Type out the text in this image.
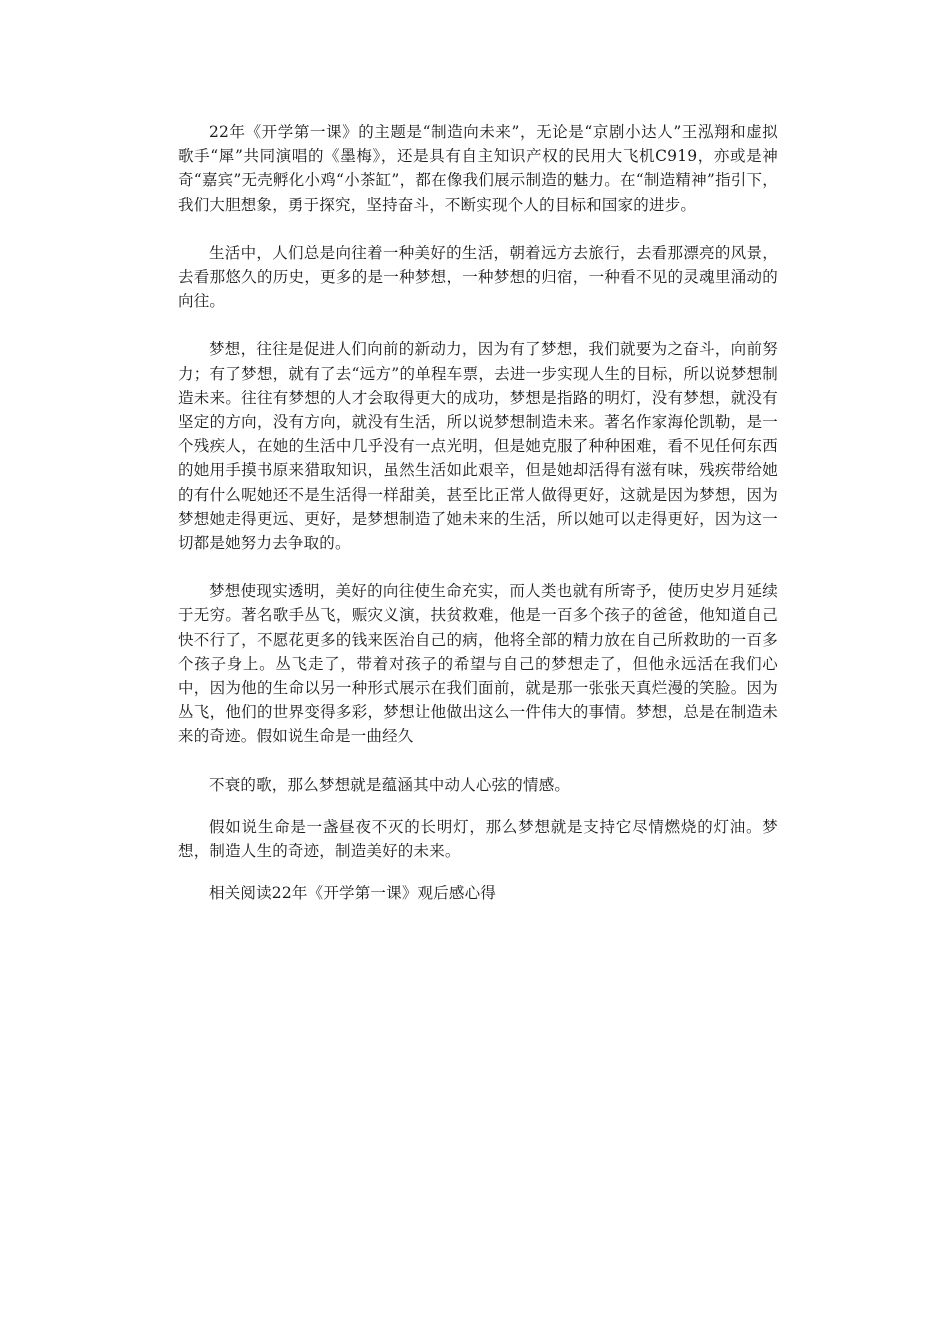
22年《开学第一课》的主题是“制造向未来”，无论是“京剧小达人”王泓翔和虚拟歌手“犀”共同演唱的《墨梅》，还是具有自主知识产权的民用大飞机C919，亦或是神奇“嘉宾”无壳孵化小鸡“小茶缸”，都在像我们展示制造的魅力。在“制造精神”指引下，我们大胆想象，勇于探究，坚持奋斗，不断实现个人的目标和国家的进步。

生活中，人们总是向往着一种美好的生活，朝着远方去旅行，去看那漂亮的风景，去看那悠久的历史，更多的是一种梦想，一种梦想的归宿，一种看不见的灵魂里涌动的向往。

梦想，往往是促进人们向前的新动力，因为有了梦想，我们就要为之奋斗，向前努力；有了梦想，就有了去“远方”的单程车票，去进一步实现人生的目标，所以说梦想制造未来。往往有梦想的人才会取得更大的成功，梦想是指路的明灯，没有梦想，就没有坚定的方向，没有方向，就没有生活，所以说梦想制造未来。著名作家海伦凯勒，是一个残疾人，在她的生活中几乎没有一点光明，但是她克服了种种困难，看不见任何东西的她用手摸书原来猎取知识，虽然生活如此艰辛，但是她却活得有滋有味，残疾带给她的有什么呢她还不是生活得一样甜美，甚至比正常人做得更好，这就是因为梦想，因为梦想她走得更远、更好，是梦想制造了她未来的生活，所以她可以走得更好，因为这一切都是她努力去争取的。

梦想使现实透明，美好的向往使生命充实，而人类也就有所寄予，使历史岁月延续于无穷。著名歌手丛飞，赈灾义演，扶贫救难，他是一百多个孩子的爸爸，他知道自己快不行了，不愿花更多的钱来医治自己的病，他将全部的精力放在自己所救助的一百多个孩子身上。丛飞走了，带着对孩子的希望与自己的梦想走了，但他永远活在我们心中，因为他的生命以另一种形式展示在我们面前，就是那一张张天真烂漫的笑脸。因为丛飞，他们的世界变得多彩，梦想让他做出这么一件伟大的事情。梦想，总是在制造未来的奇迹。假如说生命是一曲经久

不衰的歌，那么梦想就是蕴涵其中动人心弦的情感。

假如说生命是一盏昼夜不灭的长明灯，那么梦想就是支持它尽情燃烧的灯油。梦想，制造人生的奇迹，制造美好的未来。

相关阅读22年《开学第一课》观后感心得
